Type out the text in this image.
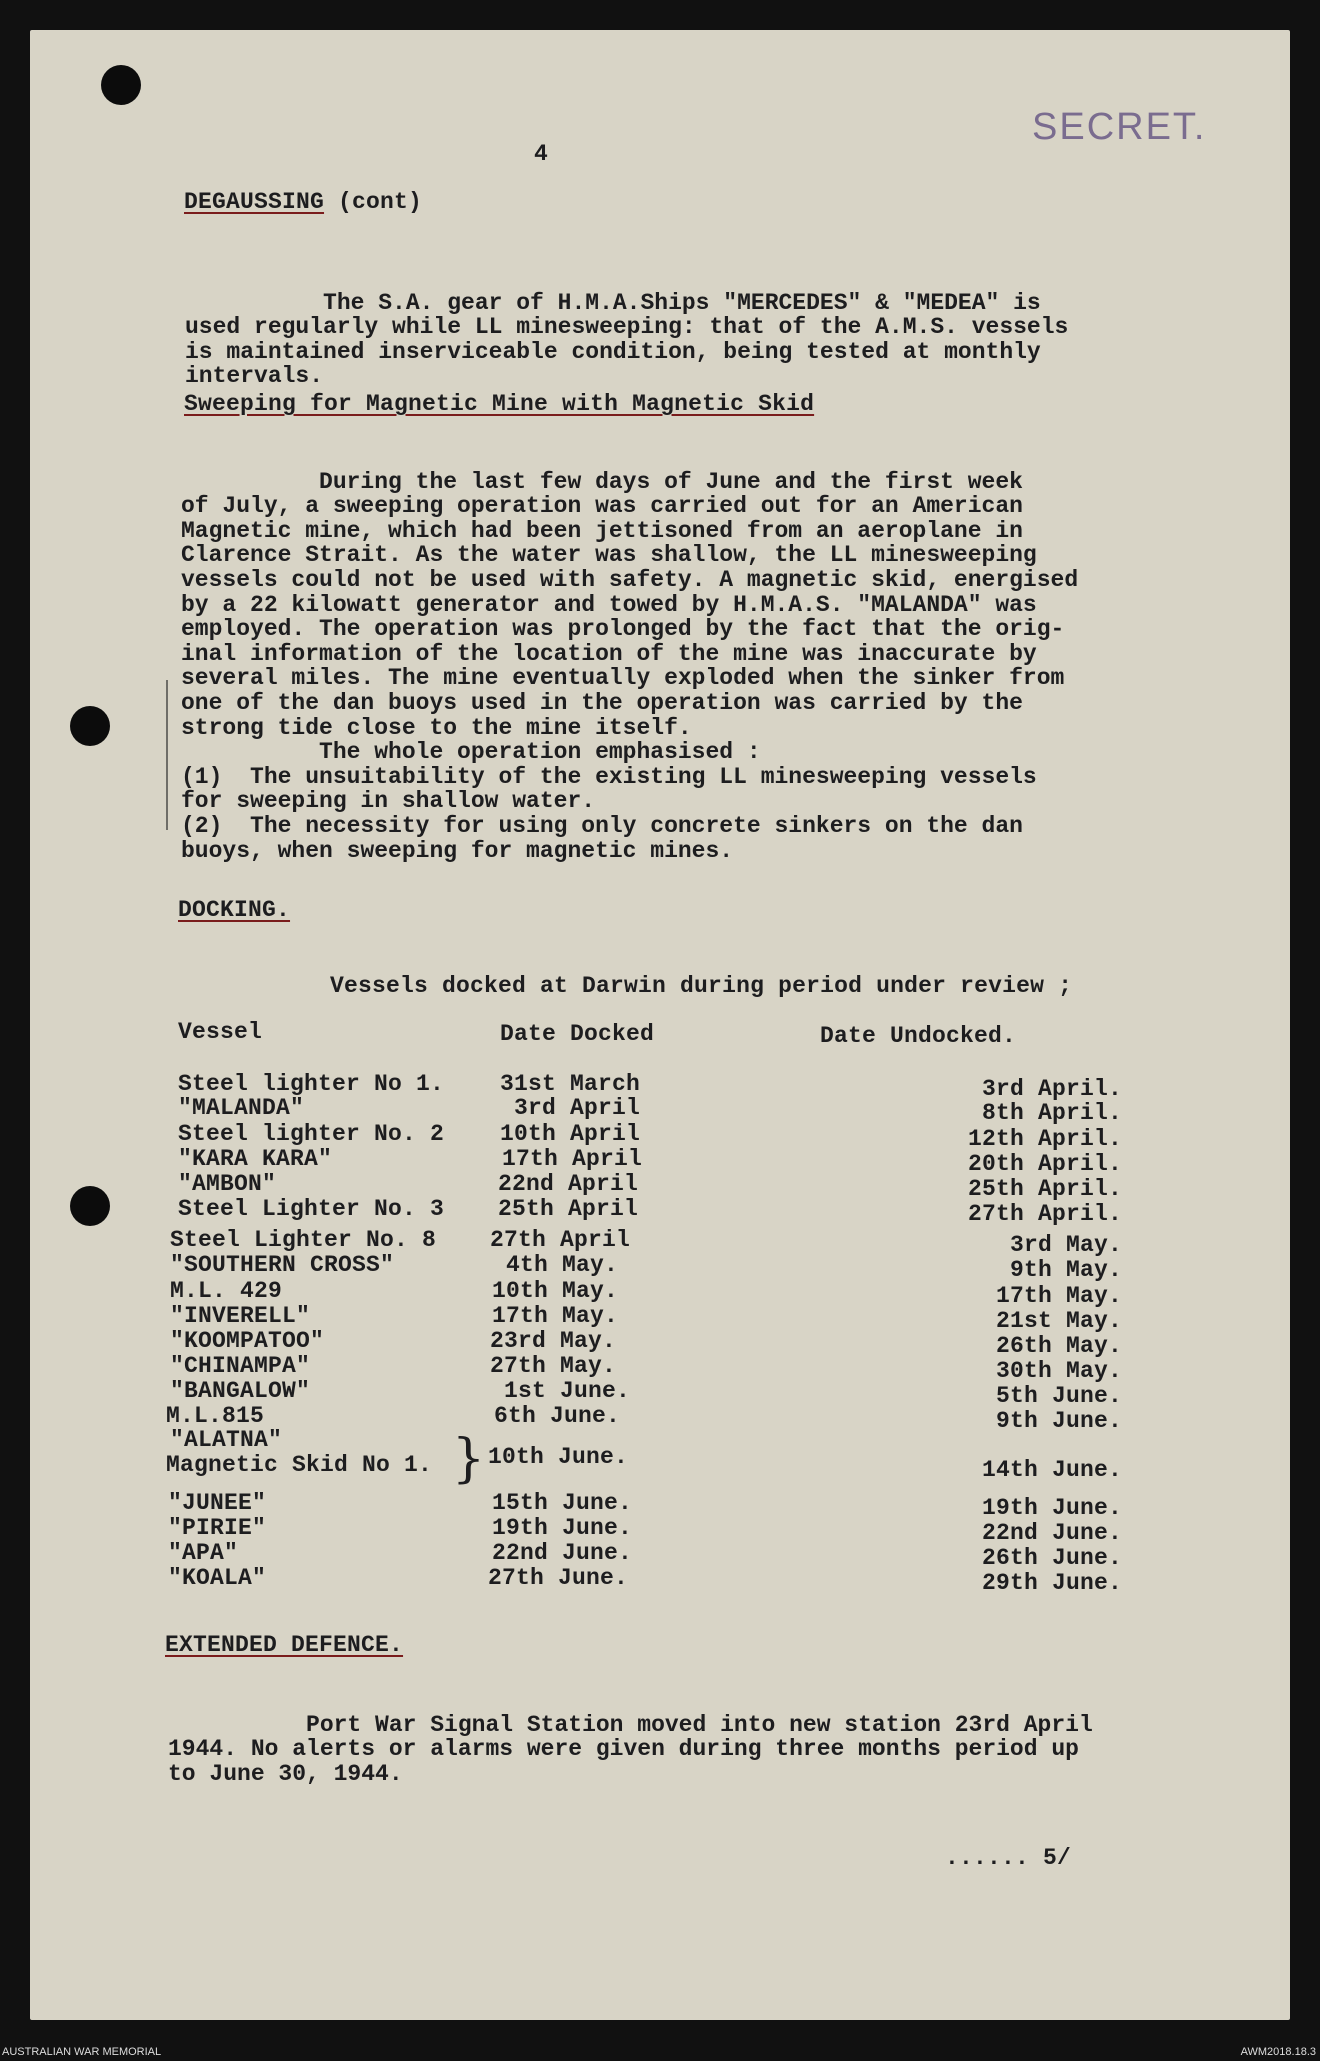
SECRET.
4
DEGAUSSING (cont)

The S.A. gear of H.M.A.Ships "MERCEDES" & "MEDEA" is
used regularly while LL minesweeping: that of the A.M.S. vessels
is maintained inserviceable condition, being tested at monthly
intervals.

Sweeping for Magnetic Mine with Magnetic Skid

During the last few days of June and the first week
of July, a sweeping operation was carried out for an American
Magnetic mine, which had been jettisoned from an aeroplane in
Clarence Strait. As the water was shallow, the LL minesweeping
vessels could not be used with safety. A magnetic skid, energised
by a 22 kilowatt generator and towed by H.M.A.S. "MALANDA" was
employed. The operation was prolonged by the fact that the orig-
inal information of the location of the mine was inaccurate by
several miles. The mine eventually exploded when the sinker from
one of the dan buoys used in the operation was carried by the
strong tide close to the mine itself.
The whole operation emphasised :
(1)  The unsuitability of the existing LL minesweeping vessels
for sweeping in shallow water.
(2)  The necessity for using only concrete sinkers on the dan
buoys, when sweeping for magnetic mines.

DOCKING.
Vessels docked at Darwin during period under review ;
Vessel	Date Docked	Date Undocked.
Steel lighter No 1. 31st March	3rd April.
"MALANDA"	3rd April	8th April.
Steel lighter No. 2 10th April	12th April.
"KARA KARA"	17th April	20th April.
"AMBON"	22nd April	25th April.
Steel Lighter No. 3 25th April	27th April.
Steel Lighter No. 8 27th April	3rd May.
"SOUTHERN CROSS"	4th May.	9th May.
M.L. 429	10th May.	17th May.
"INVERELL"	17th May.	21st May.
"KOOMPATOO"	23rd May.	26th May.
"CHINAMPA"	27th May.	30th May.
"BANGALOW"	1st June.	5th June.
M.L.815	6th June.	9th June.
"ALATNA"
Magnetic Skid No 1. 10th June.	14th June.
"JUNEE"	15th June.	19th June.
"PIRIE"	19th June.	22nd June.
"APA"	22nd June.	26th June.
"KOALA"	27th June.	29th June.
}
EXTENDED DEFENCE.

Port War Signal Station moved into new station 23rd April
1944. No alerts or alarms were given during three months period up
to June 30, 1944.

...... 5/
AUSTRALIAN WAR MEMORIAL	AWM2018.18.3
